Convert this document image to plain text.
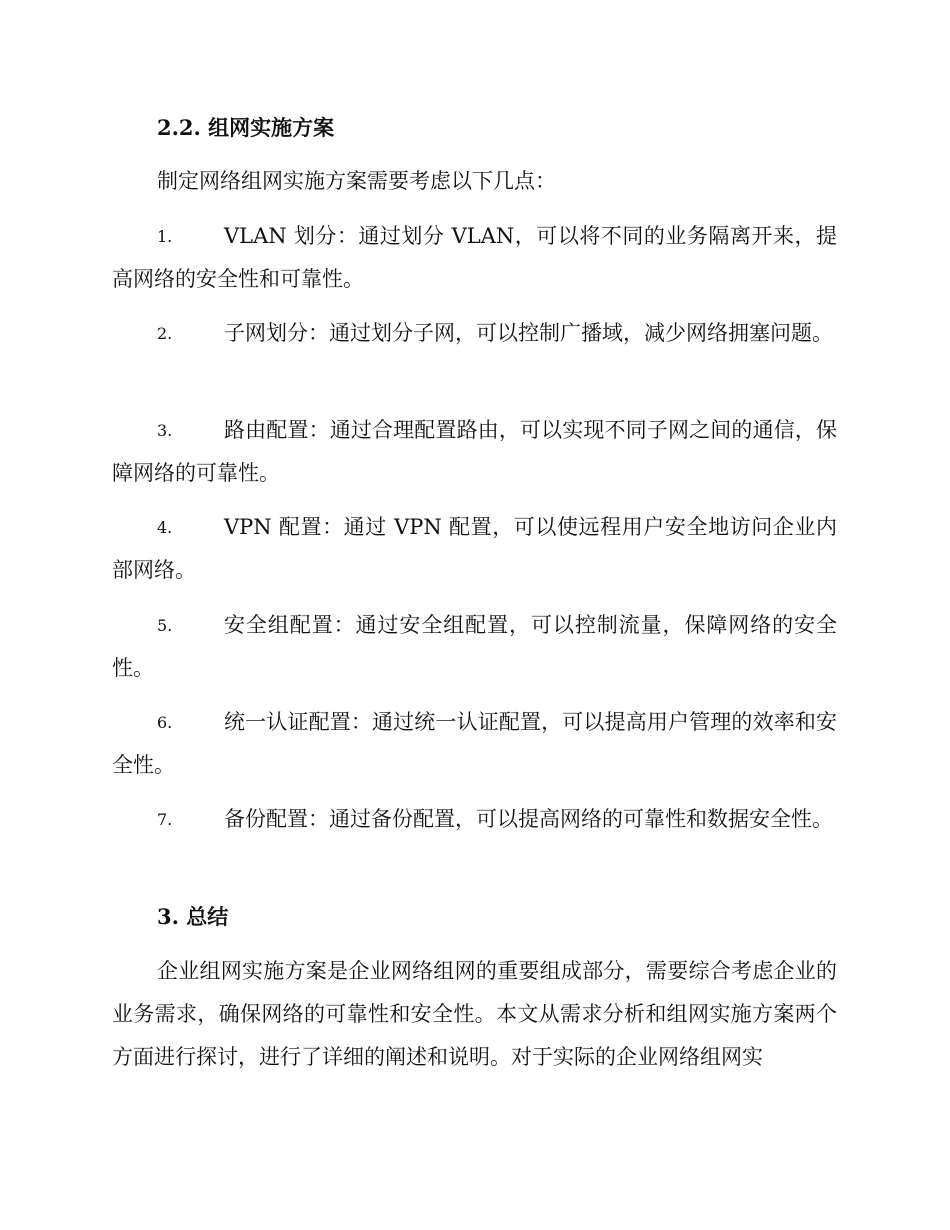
2.2. 组网实施方案
制定网络组网实施方案需要考虑以下几点：
1.	VLAN 划分：通过划分 VLAN，可以将不同的业务隔离开来，提高网络的安全性和可靠性。
2.	子网划分：通过划分子网，可以控制广播域，减少网络拥塞问题。
3.	路由配置：通过合理配置路由，可以实现不同子网之间的通信，保障网络的可靠性。
4.	VPN 配置：通过 VPN 配置，可以使远程用户安全地访问企业内部网络。
5.	安全组配置：通过安全组配置，可以控制流量，保障网络的安全性。
6.	统一认证配置：通过统一认证配置，可以提高用户管理的效率和安全性。
7.	备份配置：通过备份配置，可以提高网络的可靠性和数据安全性。
3. 总结
企业组网实施方案是企业网络组网的重要组成部分，需要综合考虑企业的业务需求，确保网络的可靠性和安全性。本文从需求分析和组网实施方案两个方面进行探讨，进行了详细的阐述和说明。对于实际的企业网络组网实
